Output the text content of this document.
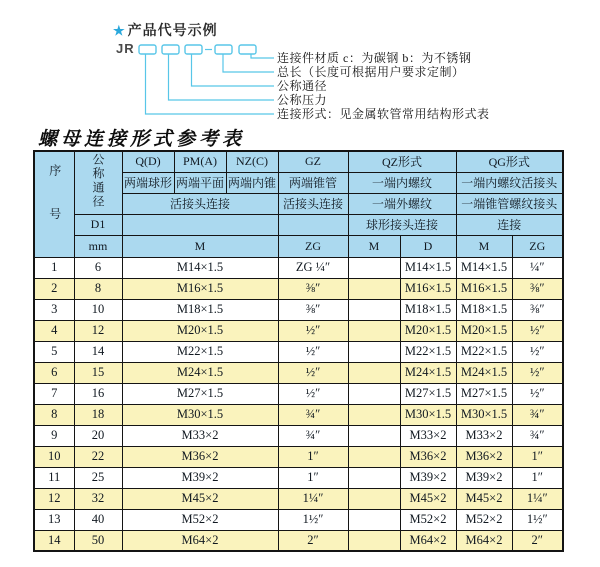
★ 产品代号示例
JR
连接件材质 c：为碳钢 b：为不锈钢
总长（长度可根据用户要求定制）
公称通径
公称压力
连接形式：见金属软管常用结构形式表
螺母连接形式参考表
序号	公称通径	Q(D)	PM(A)	NZ(C)	GZ	QZ形式		QG形式	
		两端球形	两端平面	两端内锥	两端锥管	一端内螺纹		一端内螺纹活接头	
		活接头连接			活接头连接	一端外螺纹		一端锥管螺纹接头	
	D1					球形接头连接		连接	
	mm	M			ZG	M	D	M	ZG
1	6	M14×1.5			ZG ¼″		M14×1.5	M14×1.5	¼″
2	8	M16×1.5			⅜″		M16×1.5	M16×1.5	⅜″
3	10	M18×1.5			⅜″		M18×1.5	M18×1.5	⅜″
4	12	M20×1.5			½″		M20×1.5	M20×1.5	½″
5	14	M22×1.5			½″		M22×1.5	M22×1.5	½″
6	15	M24×1.5			½″		M24×1.5	M24×1.5	½″
7	16	M27×1.5			½″		M27×1.5	M27×1.5	½″
8	18	M30×1.5			¾″		M30×1.5	M30×1.5	¾″
9	20	M33×2			¾″		M33×2	M33×2	¾″
10	22	M36×2			1″		M36×2	M36×2	1″
11	25	M39×2			1″		M39×2	M39×2	1″
12	32	M45×2			1¼″		M45×2	M45×2	1¼″
13	40	M52×2			1½″		M52×2	M52×2	1½″
14	50	M64×2			2″		M64×2	M64×2	2″
